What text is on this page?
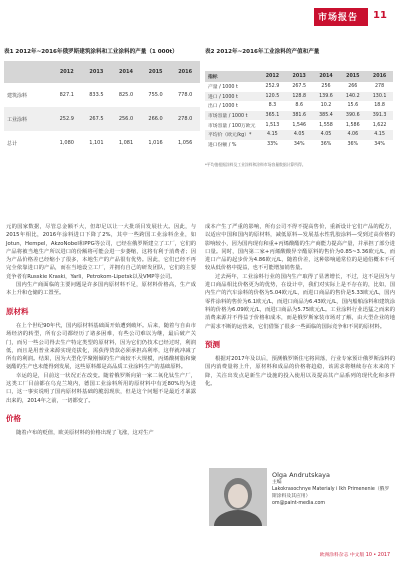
市场报告 11
表1 2012年~2016年俄罗斯建筑涂料和工业涂料的产量（1 000t）
2012	2013	2014	2015	2016
建筑涂料	827.1	833.5	825.0	755.0	778.0
工业涂料	252.9	267.5	256.0	266.0	278.0
总计	1,080	1,101	1,081	1,016	1,056
表2 2012年~2016年工业涂料的产值和产量
指标	2012	2013	2014	2015	2016
产量 / 1000 t	252.9	267.5	256	266	278
进口 / 1000 t	120.5	128.8	139.6	140.2	130.1
出口 / 1000 t	8.3	8.6	10.2	15.6	18.8
市场容量 / 1000 t	365.1	381.6	385.4	390.6	391.3
市场容量 / 100万欧元	1,513	1,546	1,558	1,586	1,622
平均价（欧元/kg）*	4.15	4.05	4.05	4.06	4.15
进口份额 / %	33%	34%	36%	36%	34%
*平均值根据涂料及工业涂料和涂料市场容量数据计算所得。

元的国家数据，尽管总金额不大，但却足以让一大批项目发展壮大。因此，与2015年相比，2016年涂料进口下降了2%，其中一些跨国工业涂料企业，如Jotun，Hempel，AkzoNobel和PPG等公司，已经在俄罗斯建立了工厂，它们的产品将被当地生产所以进口的份额将可能会进一步萎缩，这将有利于消费者；因为产品价格差已经缩小了很多，本地生产的产品很有优势。因此，它们已经不再完全依靠进口的产品，而在当地设立工厂，并拥有自己的研发团队，它们的主要竞争者有Russkie Kraski，Yarli，Petrokom-Lipetsk以及VMP等公司。

国内生产商面临的主要问题是许多国内原材料不足，原材料价格高，生产成本上升和仓储的工置至。

原材料

在上个世纪90年代，国内原材料基础面开始遭到破坏。后来，随着与自由市场经济的转型，所有公司都经历了诸多困难，有些公司难以为继，最后破产关门，而另一些公司得去生产特定类型的原材料，因为它们仍技术已经过时，利润低，而且是用普业来源实现竞拔化，需获得贷款必须承担高利率，这样就冲减了所有的利润。结果，因为大型化学聚刚倾的生产商较不大规模，丙烯酸树脂和聚氨酯的生产也未能得到发展，这些原料都是高品质工业涂料生产的基础原料。

幸运的是，目前这一状况正在改变。随着俄罗斯向第一家二氧化钛生产厂，这类工厂目前都在乌克兰境内，德国工业涂料所用的原材料中有近80%均为进口，这一事实说明了国内原材料基础的脆弱现状，但是这个问题不是最近才暴露出来的，2014年之前，一切都变了。

价格

随着卢布的贬值，欧美原材料的价格出现了飞涨，这对生产

成本产生了严重的影响，所有公司不得不提高售价，重新设计它们产品的配方，以适应中国和国内的原材料，减低原料—发展基水性乳胶涂料—受到过高价格的影响较小，因为国内现有和重+丙烯酸酯的生产商能力提高产量，并承担了部分进口量。同时，国内第二家+丙烯酸酸异辛酯原料的售价为0.85~3.36欧元/L，而进口产品的起步价为4.86欧元/L，随着价差，这种影响通常位的是通俗概本不可较从低价格中提益，也不可能增加销售量。

过去两年，工业涂料行业的国内生产取得了显著增长，不过，这不是因为与进口商品相比价格更为的优势，在设计中，我们对实际上是不存在的，比如，国内生产的汽车涂料的价格为5.04欧元/L，而进口商品的售价是5.33欧元/L，国内零件涂料的售价为6.1欧元/L，而进口商品为6.43欧元/L，国内船舶涂料和建筑涂料的价格为6.09欧元/L，而进口商品为5.75欧元/L。工业涂料行业迅猛之而来的消费来源并不得益于价格和成本，而是俄罗斯家装市场对了解，由大型企业的地产需求不断的运营来，它们借鉴了很多一些面临的国际竞争和不同的原材料。

预测

根据对2017年及以后，预测俄罗斯住宅将回落，行业专家预计俄罗斯涂料的国内消费量将上升，原材料和成品的价格将趋稳，该需求将继续存在未来的下降，关注出发点是新生产设施的投入使用以及提高其产品系列的现代化和多样化。

Olga Andrutskaya
主编
Lakokrasochnye Materialy i Ikh Primenenie（俄罗斯涂料及其应用）
om@paint-media.com
欧洲涂料杂志 中文版 10 • 2017
